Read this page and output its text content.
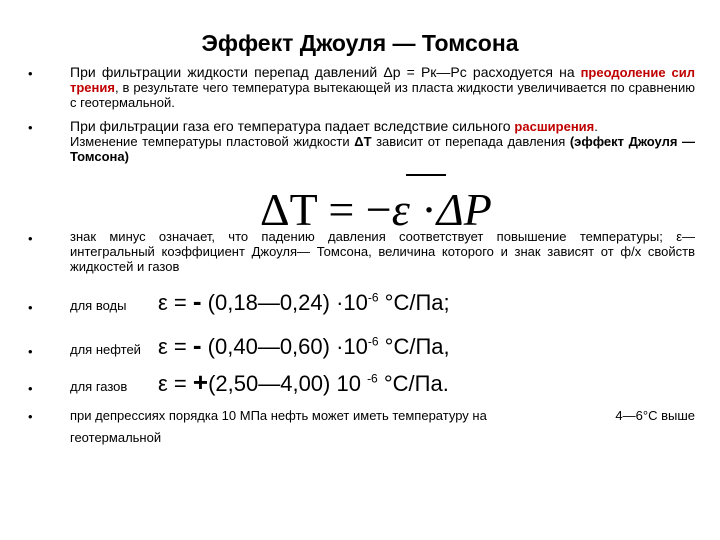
Эффект Джоуля — Томсона
•	При фильтрации жидкости перепад давлений Δp = Pк—Pс расходуется на преодоление сил трения, в результате чего температура вытекающей из пласта жидкости увеличивается по сравнению с геотермальной.
•	При фильтрации газа его температура падает вследствие сильного расширения.
Изменение температуры пластовой жидкости ΔT зависит от перепада давления (эффект Джоуля — Томсона)
ΔT = −ε ·ΔP
•	знак минус означает, что падению давления соответствует повышение температуры; ε— интегральный коэффициент Джоуля— Томсона, величина которого и знак зависят от ф/х свойств жидкостей и газов
•	для воды ε = - (0,18—0,24) $\cdot 10^{-6}$ °С/Па;
•	для нефтей ε = - (0,40—0,60) $\cdot 10^{-6}$ °С/Па,
•	для газов ε = +(2,50—4,00) 10 $^{-6}$ °С/Па.
•	при депрессиях порядка 10 МПа нефть может иметь температуру на	4—6°С выше

геотермальной
